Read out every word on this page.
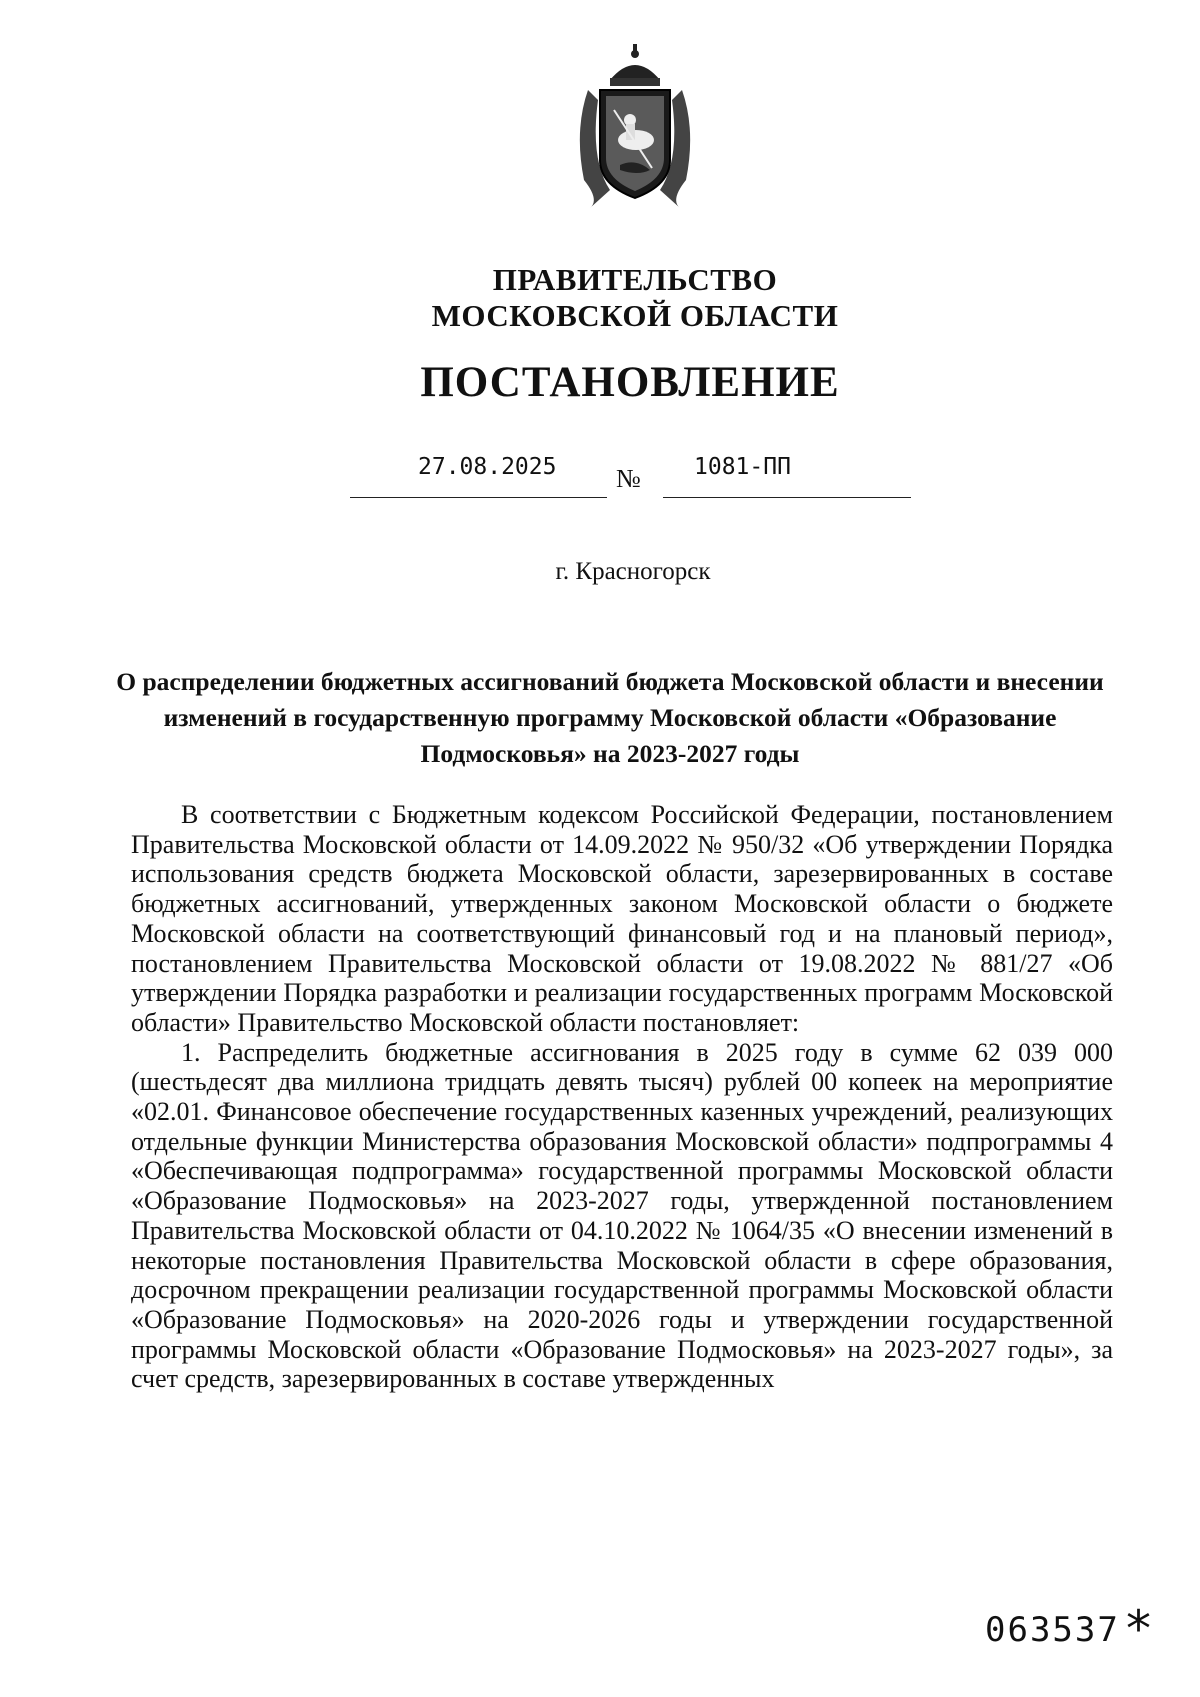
ПРАВИТЕЛЬСТВО
МОСКОВСКОЙ ОБЛАСТИ
ПОСТАНОВЛЕНИЕ
27.08.2025 № 1081-ПП
г. Красногорск
О распределении бюджетных ассигнований бюджета Московской области и внесении изменений в государственную программу Московской области «Образование Подмосковья» на 2023-2027 годы

В соответствии с Бюджетным кодексом Российской Федерации, постановлением Правительства Московской области от 14.09.2022 № 950/32 «Об утверждении Порядка использования средств бюджета Московской области, зарезервированных в составе бюджетных ассигнований, утвержденных законом Московской области о бюджете Московской области на соответствующий финансовый год и на плановый период», постановлением Правительства Московской области от 19.08.2022 № 881/27 «Об утверждении Порядка разработки и реализации государственных программ Московской области» Правительство Московской области постановляет:

1. Распределить бюджетные ассигнования в 2025 году в сумме 62 039 000 (шестьдесят два миллиона тридцать девять тысяч) рублей 00 копеек на мероприятие «02.01. Финансовое обеспечение государственных казенных учреждений, реализующих отдельные функции Министерства образования Московской области» подпрограммы 4 «Обеспечивающая подпрограмма» государственной программы Московской области «Образование Подмосковья» на 2023-2027 годы, утвержденной постановлением Правительства Московской области от 04.10.2022 № 1064/35 «О внесении изменений в некоторые постановления Правительства Московской области в сфере образования, досрочном прекращении реализации государственной программы Московской области «Образование Подмосковья» на 2020-2026 годы и утверждении государственной программы Московской области «Образование Подмосковья» на 2023-2027 годы», за счет средств, зарезервированных в составе утвержденных

063537 *
